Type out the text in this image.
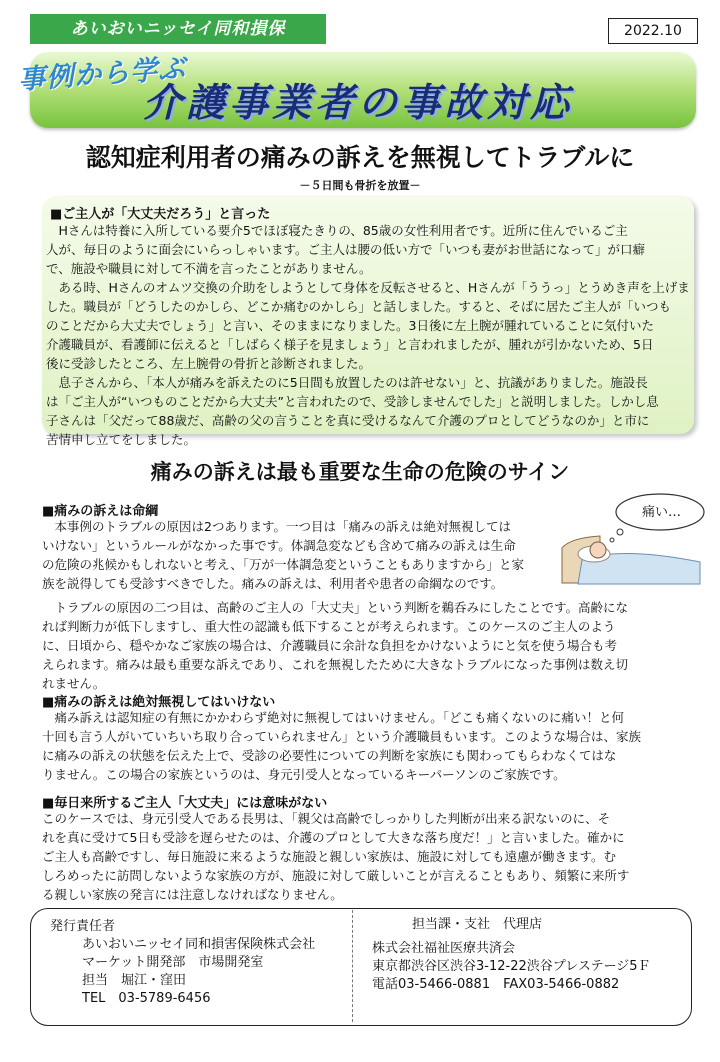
あいおいニッセイ同和損保	2022.10
事例から学ぶ
介護事業者の事故対応
認知症利用者の痛みの訴えを無視してトラブルに
－５日間も骨折を放置－
■ご主人が「大丈夫だろう」と言った
　Hさんは特養に入所している要介5でほぼ寝たきりの、85歳の女性利用者です。近所に住んでいるご主
人が、毎日のように面会にいらっしゃいます。ご主人は腰の低い方で「いつも妻がお世話になって」が口癖
で、施設や職員に対して不満を言ったことがありません。
　ある時、Hさんのオムツ交換の介助をしようとして身体を反転させると、Hさんが「ううっ」とうめき声を上げま
した。職員が「どうしたのかしら、どこか痛むのかしら」と話しました。すると、そばに居たご主人が「いつも
のことだから大丈夫でしょう」と言い、そのままになりました。3日後に左上腕が腫れていることに気付いた
介護職員が、看護師に伝えると「しばらく様子を見ましょう」と言われましたが、腫れが引かないため、5日
後に受診したところ、左上腕骨の骨折と診断されました。
　息子さんから、「本人が痛みを訴えたのに5日間も放置したのは許せない」と、抗議がありました。施設長
は「ご主人が“いつものことだから大丈夫”と言われたので、受診しませんでした」と説明しました。しかし息
子さんは「父だって88歳だ、高齢の父の言うことを真に受けるなんて介護のプロとしてどうなのか」と市に
苦情申し立てをしました。
痛みの訴えは最も重要な生命の危険のサイン
痛い…
■痛みの訴えは命綱
　本事例のトラブルの原因は2つあります。一つ目は「痛みの訴えは絶対無視しては
いけない」というルールがなかった事です。体調急変なども含めて痛みの訴えは生命
の危険の兆候かもしれないと考え、「万が一体調急変ということもありますから」と家
族を説得しても受診すべきでした。痛みの訴えは、利用者や患者の命綱なのです。
　トラブルの原因の二つ目は、高齢のご主人の「大丈夫」という判断を鵜呑みにしたことです。高齢にな
れば判断力が低下しますし、重大性の認識も低下することが考えられます。このケースのご主人のよう
に、日頃から、穏やかなご家族の場合は、介護職員に余計な負担をかけないようにと気を使う場合も考
えられます。痛みは最も重要な訴えであり、これを無視したために大きなトラブルになった事例は数え切
れません。
■痛みの訴えは絶対無視してはいけない
　痛み訴えは認知症の有無にかかわらず絶対に無視してはいけません。「どこも痛くないのに痛い！と何
十回も言う人がいていちいち取り合っていられません」という介護職員もいます。このような場合は、家族
に痛みの訴えの状態を伝えた上で、受診の必要性についての判断を家族にも関わってもらわなくてはな
りません。この場合の家族というのは、身元引受人となっているキーパーソンのご家族です。
■毎日来所するご主人「大丈夫」には意味がない
このケースでは、身元引受人である長男は、「親父は高齢でしっかりした判断が出来る訳ないのに、そ
れを真に受けて5日も受診を遅らせたのは、介護のプロとして大きな落ち度だ！」と言いました。確かに
ご主人も高齢ですし、毎日施設に来るような施設と親しい家族は、施設に対しても遠慮が働きます。む
しろめったに訪問しないような家族の方が、施設に対して厳しいことが言えることもあり、頻繁に来所す
る親しい家族の発言には注意しなければなりません。
発行責任者
あいおいニッセイ同和損害保険株式会社
マーケット開発部　市場開発室
担当　堀江・窪田
TEL　03-5789-6456
担当課・支社　代理店
株式会社福祉医療共済会
東京都渋谷区渋谷3-12-22渋谷プレステージ5Ｆ
電話03-5466-0881　FAX03-5466-0882
